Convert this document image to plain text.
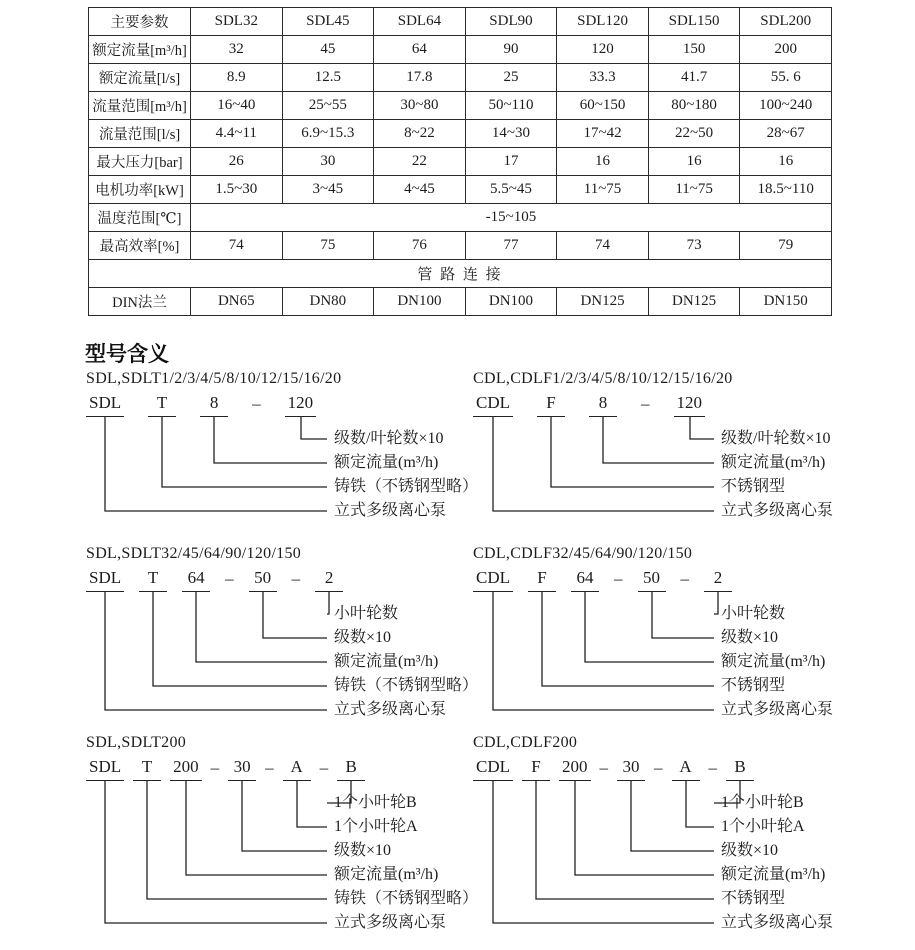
主要参数	SDL32	SDL45	SDL64	SDL90	SDL120	SDL150	SDL200
额定流量[m³/h]	32	45	64	90	120	150	200
额定流量[l/s]	8.9	12.5	17.8	25	33.3	41.7	55. 6
流量范围[m³/h]	16~40	25~55	30~80	50~110	60~150	80~180	100~240
流量范围[l/s]	4.4~11	6.9~15.3	8~22	14~30	17~42	22~50	28~67
最大压力[bar]	26	30	22	17	16	16	16
电机功率[kW]	1.5~30	3~45	4~45	5.5~45	11~75	11~75	18.5~110
温度范围[℃]	-15~105						
最高效率[%]	74	75	76	77	74	73	79
管 路 连 接							
DIN法兰	DN65	DN80	DN100	DN100	DN125	DN125	DN150
型号含义
SDL,SDLT1/2/3/4/5/8/10/12/15/16/20
SDL	T	8	– 120
级数/叶轮数×10
额定流量(m³/h)
铸铁（不锈钢型略）
立式多级离心泵
CDL,CDLF1/2/3/4/5/8/10/12/15/16/20
CDL	F	8	– 120
级数/叶轮数×10
额定流量(m³/h)
不锈钢型
立式多级离心泵
SDL,SDLT32/45/64/90/120/150
SDL	T	64	–	50	–	2
小叶轮数
级数×10
额定流量(m³/h)
铸铁（不锈钢型略）
立式多级离心泵
CDL,CDLF32/45/64/90/120/150
CDL	F	64	–	50	–	2
小叶轮数
级数×10
额定流量(m³/h)
不锈钢型
立式多级离心泵
SDL,SDLT200
SDL	T	200 – 30 – A –	B
1个小叶轮B
1个小叶轮A
级数×10
额定流量(m³/h)
铸铁（不锈钢型略）
立式多级离心泵
CDL,CDLF200
CDL	F	200 – 30 – A –	B
1个小叶轮B
1个小叶轮A
级数×10
额定流量(m³/h)
不锈钢型
立式多级离心泵
